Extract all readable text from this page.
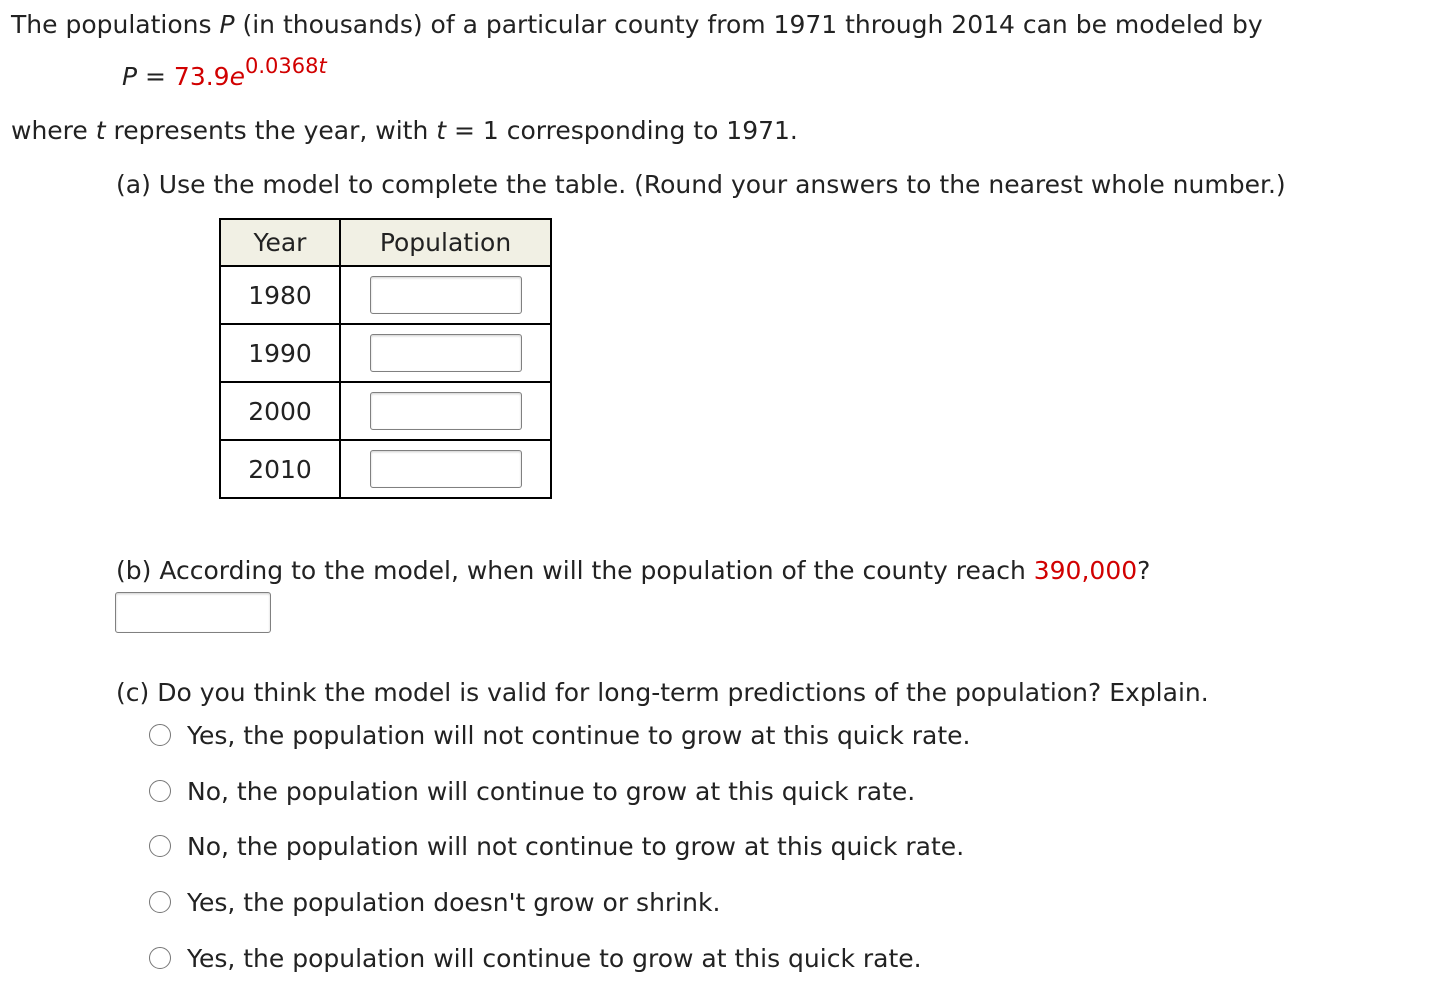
The populations P (in thousands) of a particular county from 1971 through 2014 can be modeled by
$P = 73.9e^{0.0368t}$
where t represents the year, with t = 1 corresponding to 1971.
(a) Use the model to complete the table. (Round your answers to the nearest whole number.)
Year	Population
1980	
1990	
2000	
2010	
(b) According to the model, when will the population of the county reach 390,000?
(c) Do you think the model is valid for long-term predictions of the population? Explain.
Yes, the population will not continue to grow at this quick rate.
No, the population will continue to grow at this quick rate.
No, the population will not continue to grow at this quick rate.
Yes, the population doesn't grow or shrink.
Yes, the population will continue to grow at this quick rate.
